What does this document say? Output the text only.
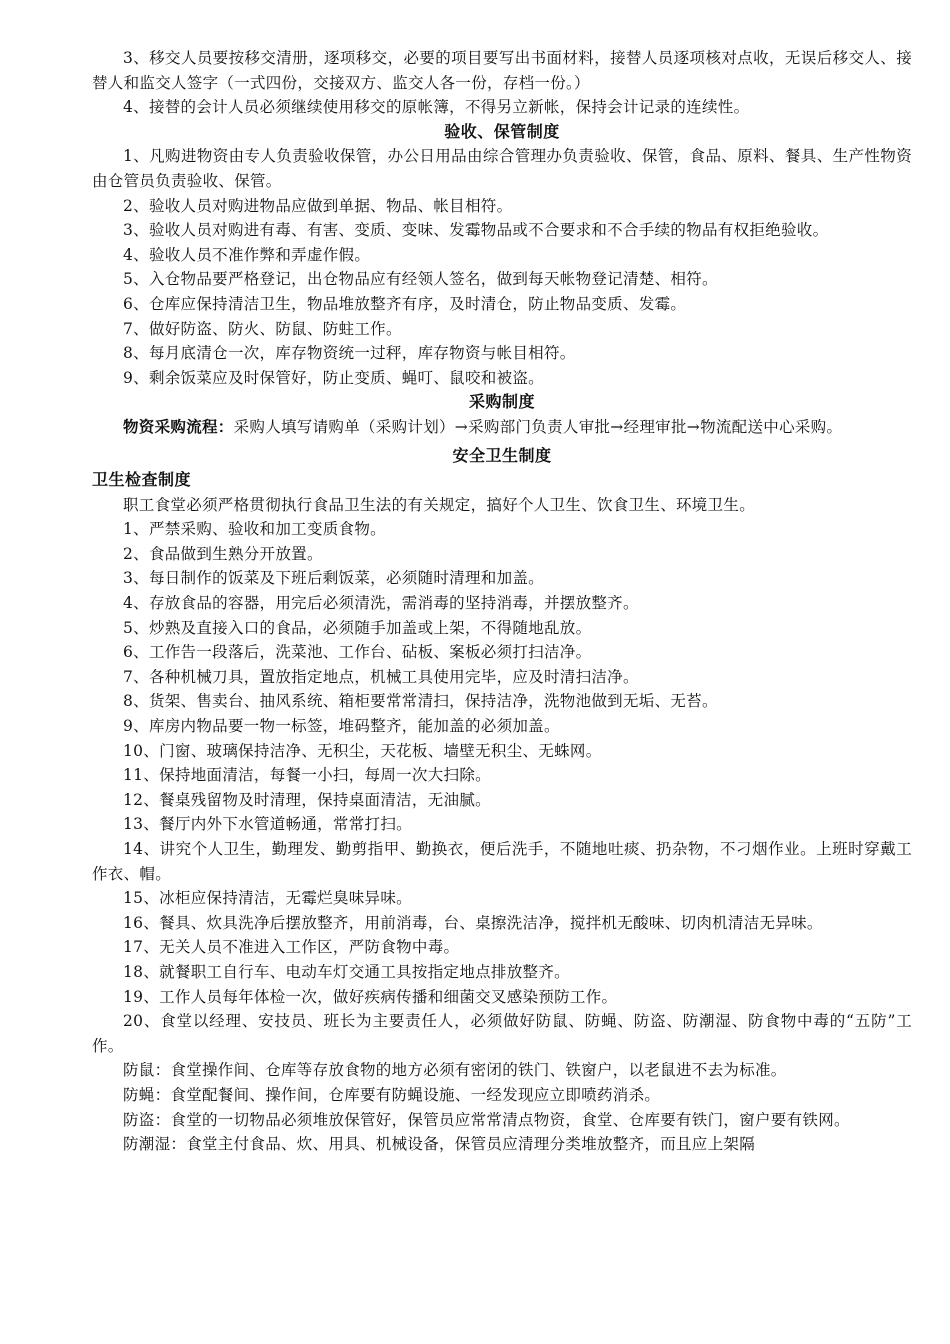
3、移交人员要按移交清册，逐项移交，必要的项目要写出书面材料，接替人员逐项核对点收，无误后移交人、接替人和监交人签字（一式四份，交接双方、监交人各一份，存档一份。）

4、接替的会计人员必须继续使用移交的原帐簿，不得另立新帐，保持会计记录的连续性。

验收、保管制度

1、凡购进物资由专人负责验收保管，办公日用品由综合管理办负责验收、保管，食品、原料、餐具、生产性物资由仓管员负责验收、保管。

2、验收人员对购进物品应做到单据、物品、帐目相符。

3、验收人员对购进有毒、有害、变质、变味、发霉物品或不合要求和不合手续的物品有权拒绝验收。

4、验收人员不准作弊和弄虚作假。

5、入仓物品要严格登记，出仓物品应有经领人签名，做到每天帐物登记清楚、相符。

6、仓库应保持清洁卫生，物品堆放整齐有序，及时清仓，防止物品变质、发霉。

7、做好防盗、防火、防鼠、防蛀工作。

8、每月底清仓一次，库存物资统一过秤，库存物资与帐目相符。

9、剩余饭菜应及时保管好，防止变质、蝇叮、鼠咬和被盗。

采购制度

物资采购流程：采购人填写请购单（采购计划）→采购部门负责人审批→经理审批→物流配送中心采购。

安全卫生制度

卫生检查制度

职工食堂必须严格贯彻执行食品卫生法的有关规定，搞好个人卫生、饮食卫生、环境卫生。

1、严禁采购、验收和加工变质食物。

2、食品做到生熟分开放置。

3、每日制作的饭菜及下班后剩饭菜，必须随时清理和加盖。

4、存放食品的容器，用完后必须清洗，需消毒的坚持消毒，并摆放整齐。

5、炒熟及直接入口的食品，必须随手加盖或上架，不得随地乱放。

6、工作告一段落后，洗菜池、工作台、砧板、案板必须打扫洁净。

7、各种机械刀具，置放指定地点，机械工具使用完毕，应及时清扫洁净。

8、货架、售卖台、抽风系统、箱柜要常常清扫，保持洁净，洗物池做到无垢、无苔。

9、库房内物品要一物一标签，堆码整齐，能加盖的必须加盖。

10、门窗、玻璃保持洁净、无积尘，天花板、墙壁无积尘、无蛛网。

11、保持地面清洁，每餐一小扫，每周一次大扫除。

12、餐桌残留物及时清理，保持桌面清洁，无油腻。

13、餐厅内外下水管道畅通，常常打扫。

14、讲究个人卫生，勤理发、勤剪指甲、勤换衣，便后洗手，不随地吐痰、扔杂物，不刁烟作业。上班时穿戴工作衣、帽。

15、冰柜应保持清洁，无霉烂臭味异味。

16、餐具、炊具洗净后摆放整齐，用前消毒，台、桌擦洗洁净，搅拌机无酸味、切肉机清洁无异味。

17、无关人员不准进入工作区，严防食物中毒。

18、就餐职工自行车、电动车灯交通工具按指定地点排放整齐。

19、工作人员每年体检一次，做好疾病传播和细菌交叉感染预防工作。

20、食堂以经理、安技员、班长为主要责任人，必须做好防鼠、防蝇、防盗、防潮湿、防食物中毒的“五防”工作。

防鼠：食堂操作间、仓库等存放食物的地方必须有密闭的铁门、铁窗户，以老鼠进不去为标准。

防蝇：食堂配餐间、操作间，仓库要有防蝇设施、一经发现应立即喷药消杀。

防盗：食堂的一切物品必须堆放保管好，保管员应常常清点物资，食堂、仓库要有铁门，窗户要有铁网。

防潮湿：食堂主付食品、炊、用具、机械设备，保管员应清理分类堆放整齐，而且应上架隔
